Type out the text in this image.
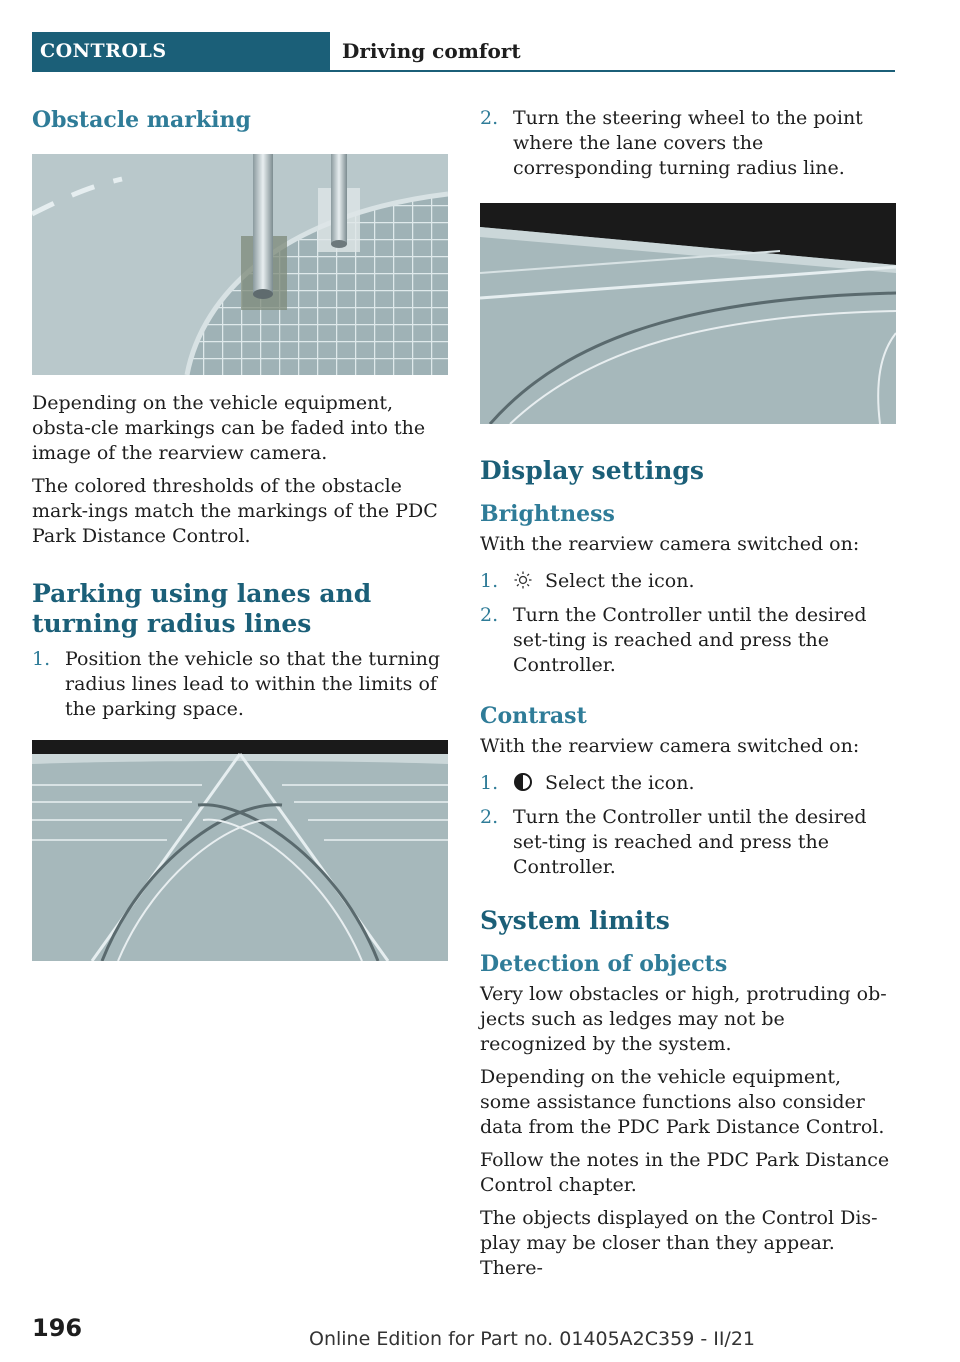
CONTROLS	Driving comfort
Obstacle marking

Depending on the vehicle equipment, obsta-cle markings can be faded into the image of the rearview camera.

The colored thresholds of the obstacle mark-ings match the markings of the PDC Park Distance Control.

Parking using lanes and turning radius lines
1. Position the vehicle so that the turning radius lines lead to within the limits of the parking space.
2. Turn the steering wheel to the point where the lane covers the corresponding turning radius line.
Display settings
Brightness

With the rearview camera switched on:

1. Select the icon.
2. Turn the Controller until the desired set-ting is reached and press the Controller.
Contrast

With the rearview camera switched on:

1. Select the icon.
2. Turn the Controller until the desired set-ting is reached and press the Controller.
System limits
Detection of objects

Very low obstacles or high, protruding ob-jects such as ledges may not be recognized by the system.

Depending on the vehicle equipment, some assistance functions also consider data from the PDC Park Distance Control.

Follow the notes in the PDC Park Distance Control chapter.

The objects displayed on the Control Dis-play may be closer than they appear. There-

196	Online Edition for Part no. 01405A2C359 - II/21
